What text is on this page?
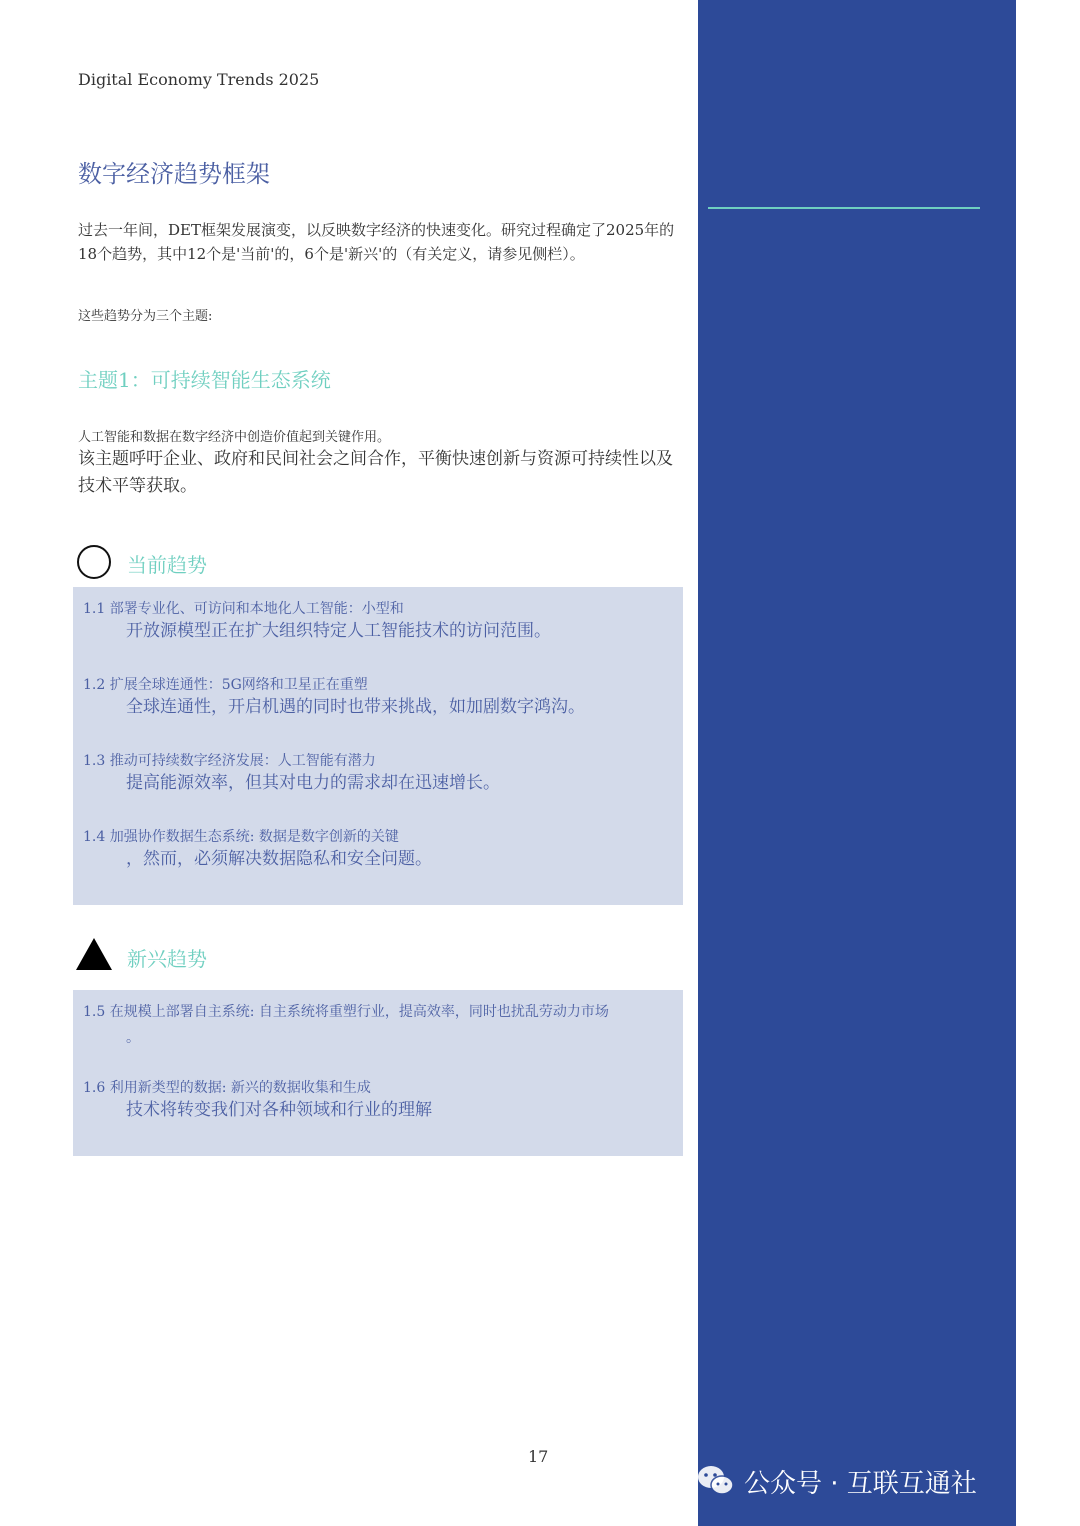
Digital Economy Trends 2025
数字经济趋势框架
过去一年间，DET框架发展演变，以反映数字经济的快速变化。研究过程确定了2025年的18个趋势，其中12个是'当前'的，6个是'新兴'的（有关定义，请参见侧栏）。
这些趋势分为三个主题:
主题1：可持续智能生态系统
人工智能和数据在数字经济中创造价值起到关键作用。
该主题呼吁企业、政府和民间社会之间合作，平衡快速创新与资源可持续性以及技术平等获取。
当前趋势
1.1 部署专业化、可访问和本地化人工智能：小型和
开放源模型正在扩大组织特定人工智能技术的访问范围。
1.2 扩展全球连通性：5G网络和卫星正在重塑
全球连通性，开启机遇的同时也带来挑战，如加剧数字鸿沟。
1.3 推动可持续数字经济发展：人工智能有潜力
提高能源效率，但其对电力的需求却在迅速增长。
1.4 加强协作数据生态系统: 数据是数字创新的关键
，然而，必须解决数据隐私和安全问题。
新兴趋势
1.5 在规模上部署自主系统: 自主系统将重塑行业，提高效率，同时也扰乱劳动力市场
。
1.6 利用新类型的数据: 新兴的数据收集和生成
技术将转变我们对各种领域和行业的理解
17
公众号 · 互联互通社
